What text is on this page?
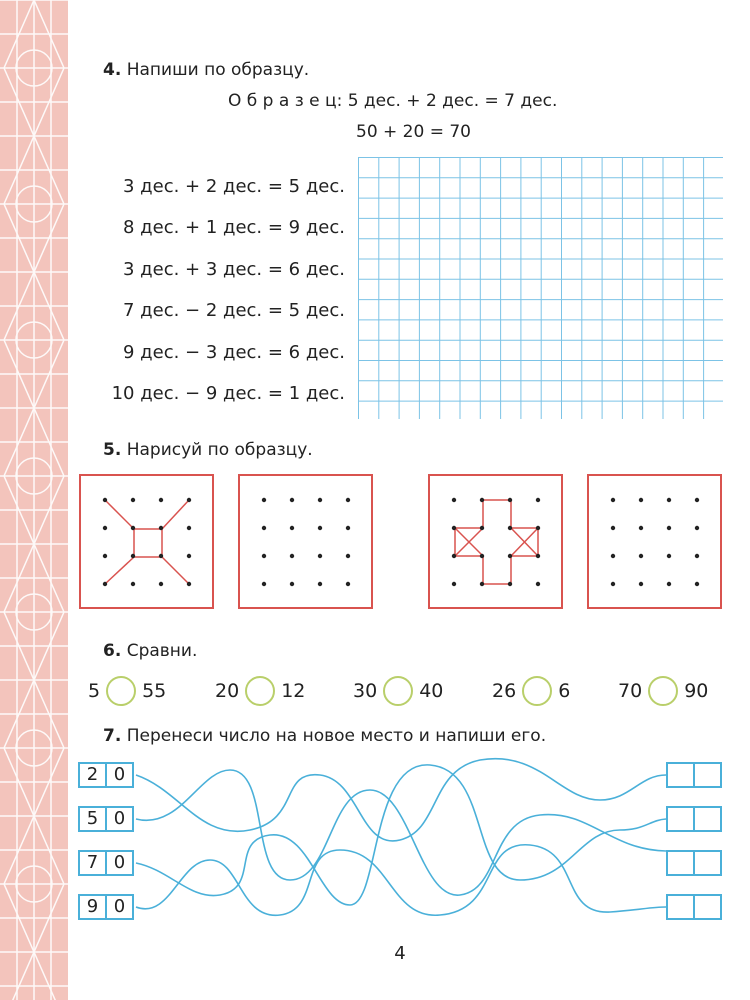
4. Напиши по образцу.
О б р а з е ц: 5 дес. + 2 дес. = 7 дес.
50 + 20 = 70
3 дес. + 2 дес. = 5 дес.
8 дес. + 1 дес. = 9 дес.
3 дес. + 3 дес. = 6 дес.
7 дес. − 2 дес. = 5 дес.
9 дес. − 3 дес. = 6 дес.
10 дес. − 9 дес. = 1 дес.
5. Нарисуй по образцу.
6. Сравни.
5 55	20 12	30 40	26 6	70 90
7. Перенеси число на новое место и напиши его.
2 0
5 0
7 0
9 0
4
